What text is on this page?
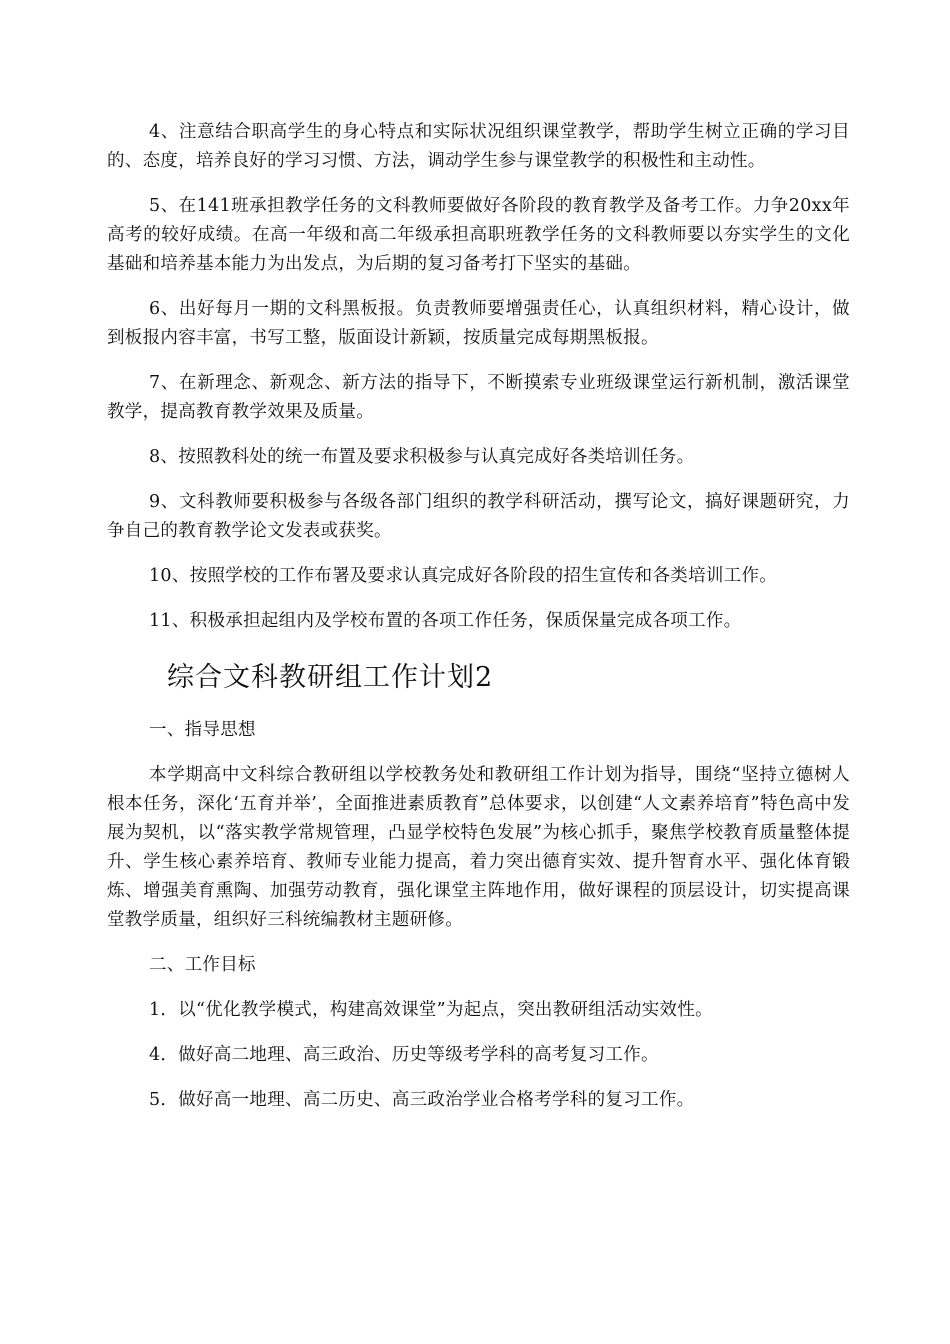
4、注意结合职高学生的身心特点和实际状况组织课堂教学，帮助学生树立正确的学习目的、态度，培养良好的学习习惯、方法，调动学生参与课堂教学的积极性和主动性。

5、在141班承担教学任务的文科教师要做好各阶段的教育教学及备考工作。力争20xx年高考的较好成绩。在高一年级和高二年级承担高职班教学任务的文科教师要以夯实学生的文化基础和培养基本能力为出发点，为后期的复习备考打下坚实的基础。

6、出好每月一期的文科黑板报。负责教师要增强责任心，认真组织材料，精心设计，做到板报内容丰富，书写工整，版面设计新颖，按质量完成每期黑板报。

7、在新理念、新观念、新方法的指导下，不断摸索专业班级课堂运行新机制，激活课堂教学，提高教育教学效果及质量。

8、按照教科处的统一布置及要求积极参与认真完成好各类培训任务。

9、文科教师要积极参与各级各部门组织的教学科研活动，撰写论文，搞好课题研究，力争自己的教育教学论文发表或获奖。

10、按照学校的工作布署及要求认真完成好各阶段的招生宣传和各类培训工作。

11、积极承担起组内及学校布置的各项工作任务，保质保量完成各项工作。

综合文科教研组工作计划2

一、指导思想

本学期高中文科综合教研组以学校教务处和教研组工作计划为指导，围绕“坚持立德树人根本任务，深化‘五育并举’，全面推进素质教育”总体要求，以创建“人文素养培育”特色高中发展为契机，以“落实教学常规管理，凸显学校特色发展”为核心抓手，聚焦学校教育质量整体提升、学生核心素养培育、教师专业能力提高，着力突出德育实效、提升智育水平、强化体育锻炼、增强美育熏陶、加强劳动教育，强化课堂主阵地作用，做好课程的顶层设计，切实提高课堂教学质量，组织好三科统编教材主题研修。

二、工作目标

1．以“优化教学模式，构建高效课堂”为起点，突出教研组活动实效性。

4．做好高二地理、高三政治、历史等级考学科的高考复习工作。

5．做好高一地理、高二历史、高三政治学业合格考学科的复习工作。
